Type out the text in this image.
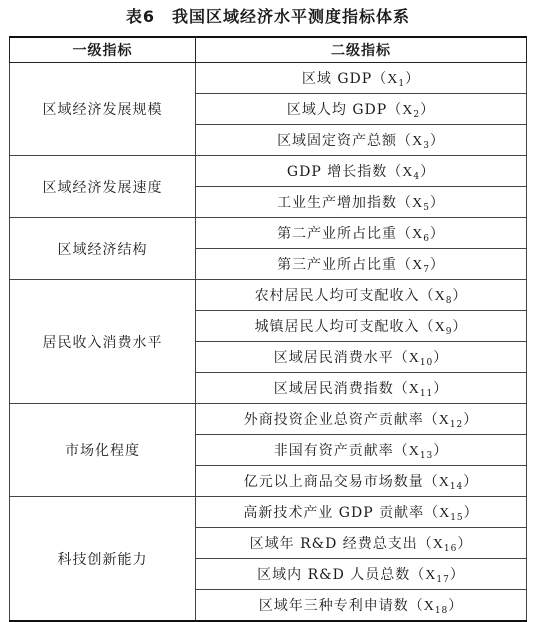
表6　我国区域经济水平测度指标体系
一级指标	二级指标
区域经济发展规模	区域 $GDP(X_1)$
	区域人均 $GDP(X_2)$
	区域固定资产总额$(X_3)$
区域经济发展速度	GDP 增长指数$(X_4)$
	工业生产增加指数$(X_5)$
区域经济结构	第二产业所占比重$(X_6)$
	第三产业所占比重$(X_7)$
居民收入消费水平	农村居民人均可支配收入$(X_8)$
	城镇居民人均可支配收入$(X_9)$
	区域居民消费水平$(X_{10})$
	区域居民消费指数$(X_{11})$
市场化程度	外商投资企业总资产贡献率$(X_{12})$
	非国有资产贡献率$(X_{13})$
	亿元以上商品交易市场数量$(X_{14})$
科技创新能力	高新技术产业 GDP 贡献率$(X_{15})$
	区域年 R&D 经费总支出$(X_{16})$
	区域内 R&D 人员总数$(X_{17})$
	区域年三种专利申请数$(X_{18})$
